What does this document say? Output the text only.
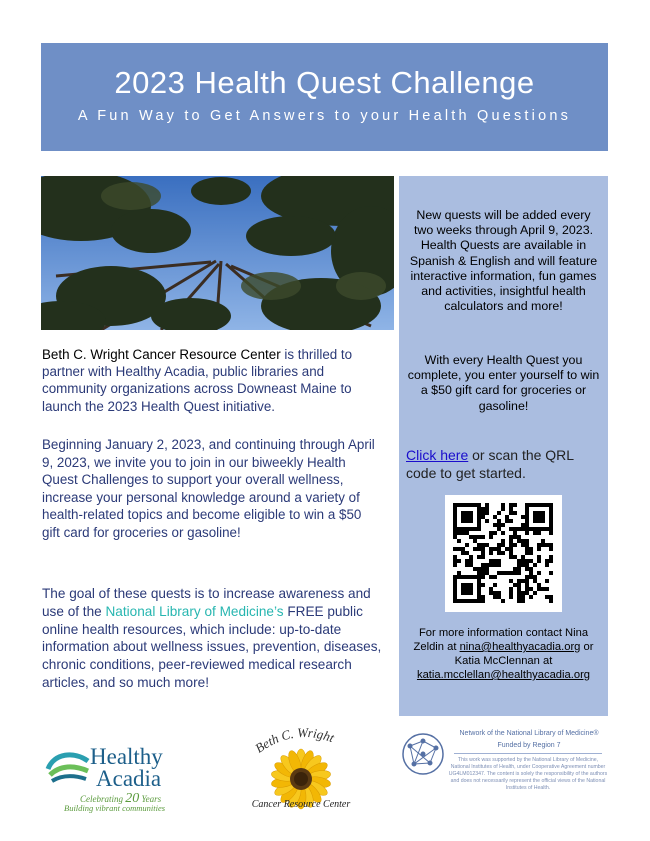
2023 Health Quest Challenge
A Fun Way to Get Answers to your Health Questions

Beth C. Wright Cancer Resource Center is thrilled to partner with Healthy Acadia, public libraries and community organizations across Downeast Maine to launch the 2023 Health Quest initiative.

Beginning January 2, 2023, and continuing through April 9, 2023, we invite you to join in our biweekly Health Quest Challenges to support your overall wellness, increase your personal knowledge around a variety of health-related topics and become eligible to win a $50 gift card for groceries or gasoline!

The goal of these quests is to increase awareness and use of the National Library of Medicine’s FREE public online health resources, which include: up-to-date information about wellness issues, prevention, diseases, chronic conditions, peer-reviewed medical research articles, and so much more!

New quests will be added every two weeks through April 9, 2023. Health Quests are available in Spanish & English and will feature interactive information, fun games and activities, insightful health calculators and more!
With every Health Quest you complete, you enter yourself to win a $50 gift card for groceries or gasoline!
Click here or scan the QRL code to get started.
For more information contact Nina Zeldin at nina@healthyacadia.org or Katia McClennan at
katia.mcclellan@healthyacadia.org
Healthy
Acadia
Celebrating 20 Years
Building vibrant communities
Beth C. Wright
Cancer Resource Center
Network of the National Library of Medicine®
Funded by Region 7
This work was supported by the National Library of Medicine, National Institutes of Health, under Cooperative Agreement number UG4LM012347. The content is solely the responsibility of the authors and does not necessarily represent the official views of the National Institutes of Health.
